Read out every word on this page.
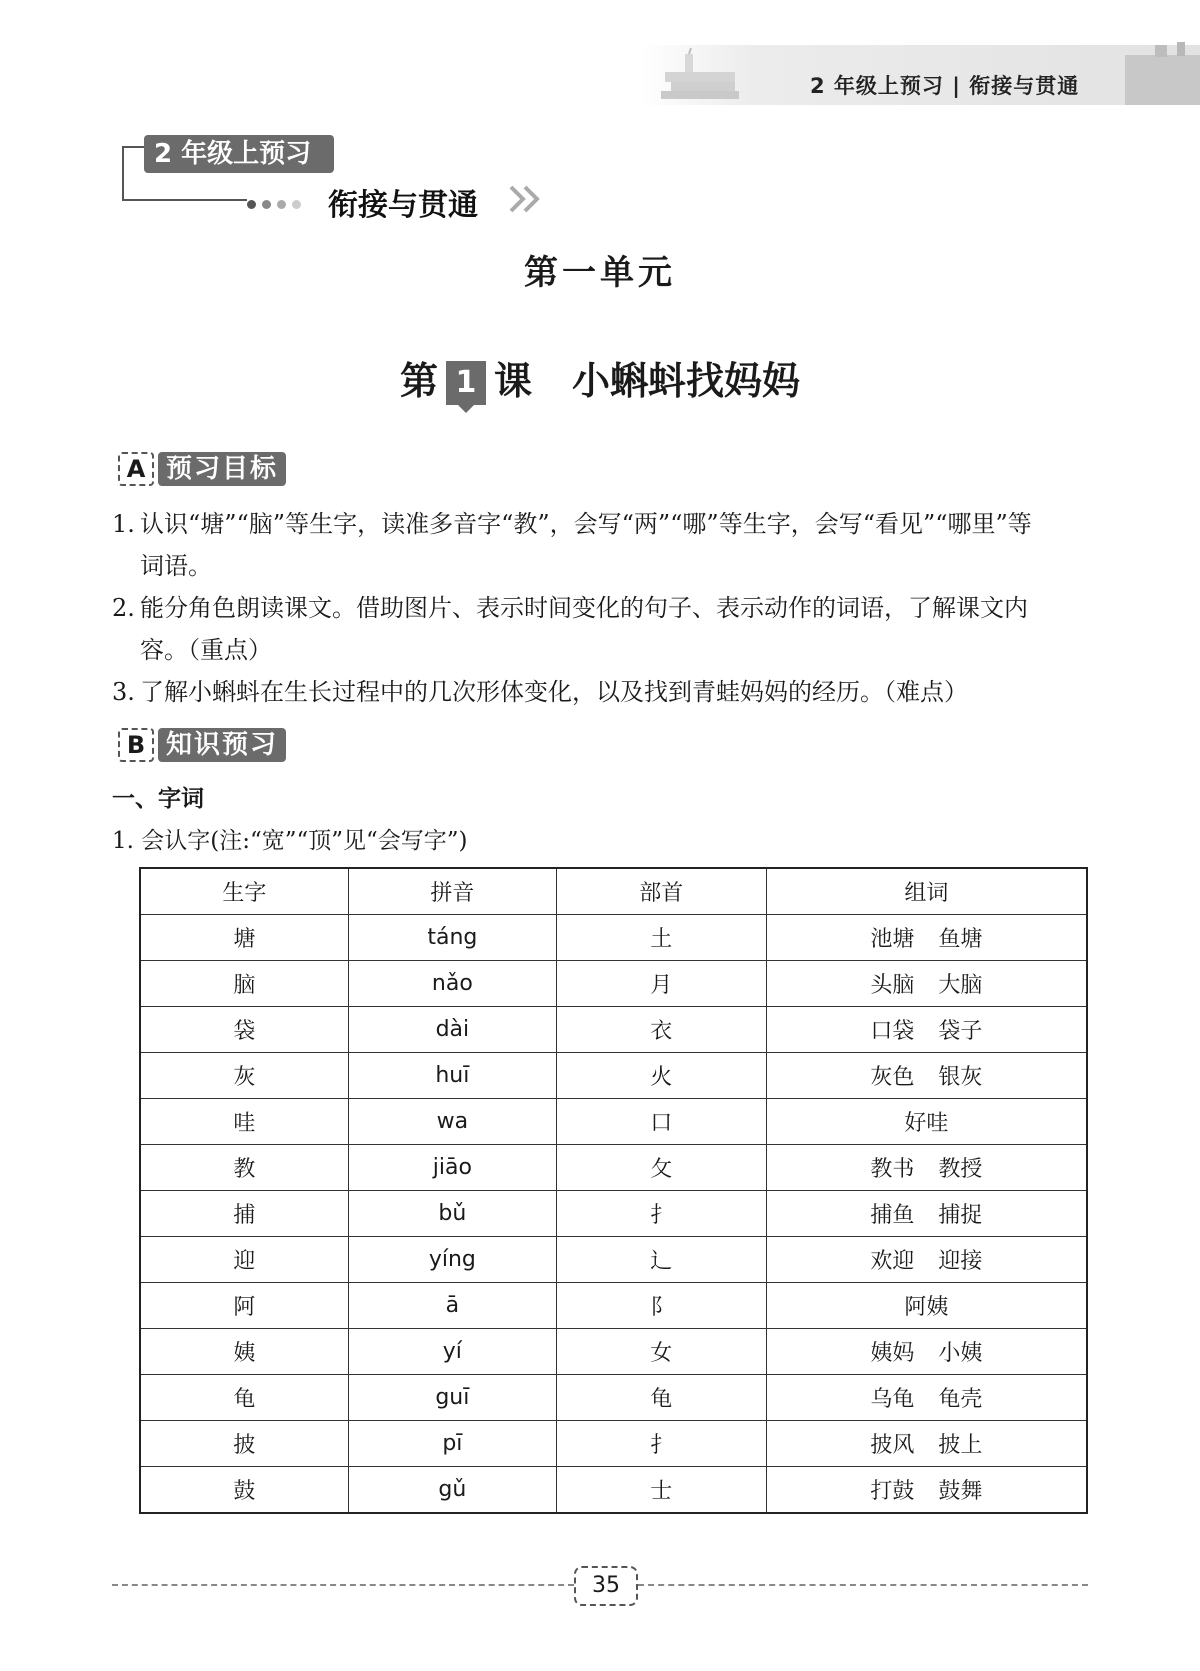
2 年级上预习 | 衔接与贯通
2 年级上预习
衔接与贯通
第一单元
第 1 课 小蝌蚪找妈妈
A 预习目标
1. 认识“塘”“脑”等生字，读准多音字“教”，会写“两”“哪”等生字，会写“看见”“哪里”等
词语。
2. 能分角色朗读课文。借助图片、表示时间变化的句子、表示动作的词语，了解课文内
容。（重点）
3. 了解小蝌蚪在生长过程中的几次形体变化，以及找到青蛙妈妈的经历。（难点）
B 知识预习
一、字词
1. 会认字(注:“宽”“顶”见“会写字”)
生字	拼音	部首	组词
塘	táng	土	池塘 鱼塘
脑	nǎo	月	头脑 大脑
袋	dài	衣	口袋 袋子
灰	huī	火	灰色 银灰
哇	wa	口	好哇
教	jiāo	攵	教书 教授
捕	bǔ	扌	捕鱼 捕捉
迎	yíng	辶	欢迎 迎接
阿	ā	阝	阿姨
姨	yí	女	姨妈 小姨
龟	guī	龟	乌龟 龟壳
披	pī	扌	披风 披上
鼓	gǔ	士	打鼓 鼓舞
35
